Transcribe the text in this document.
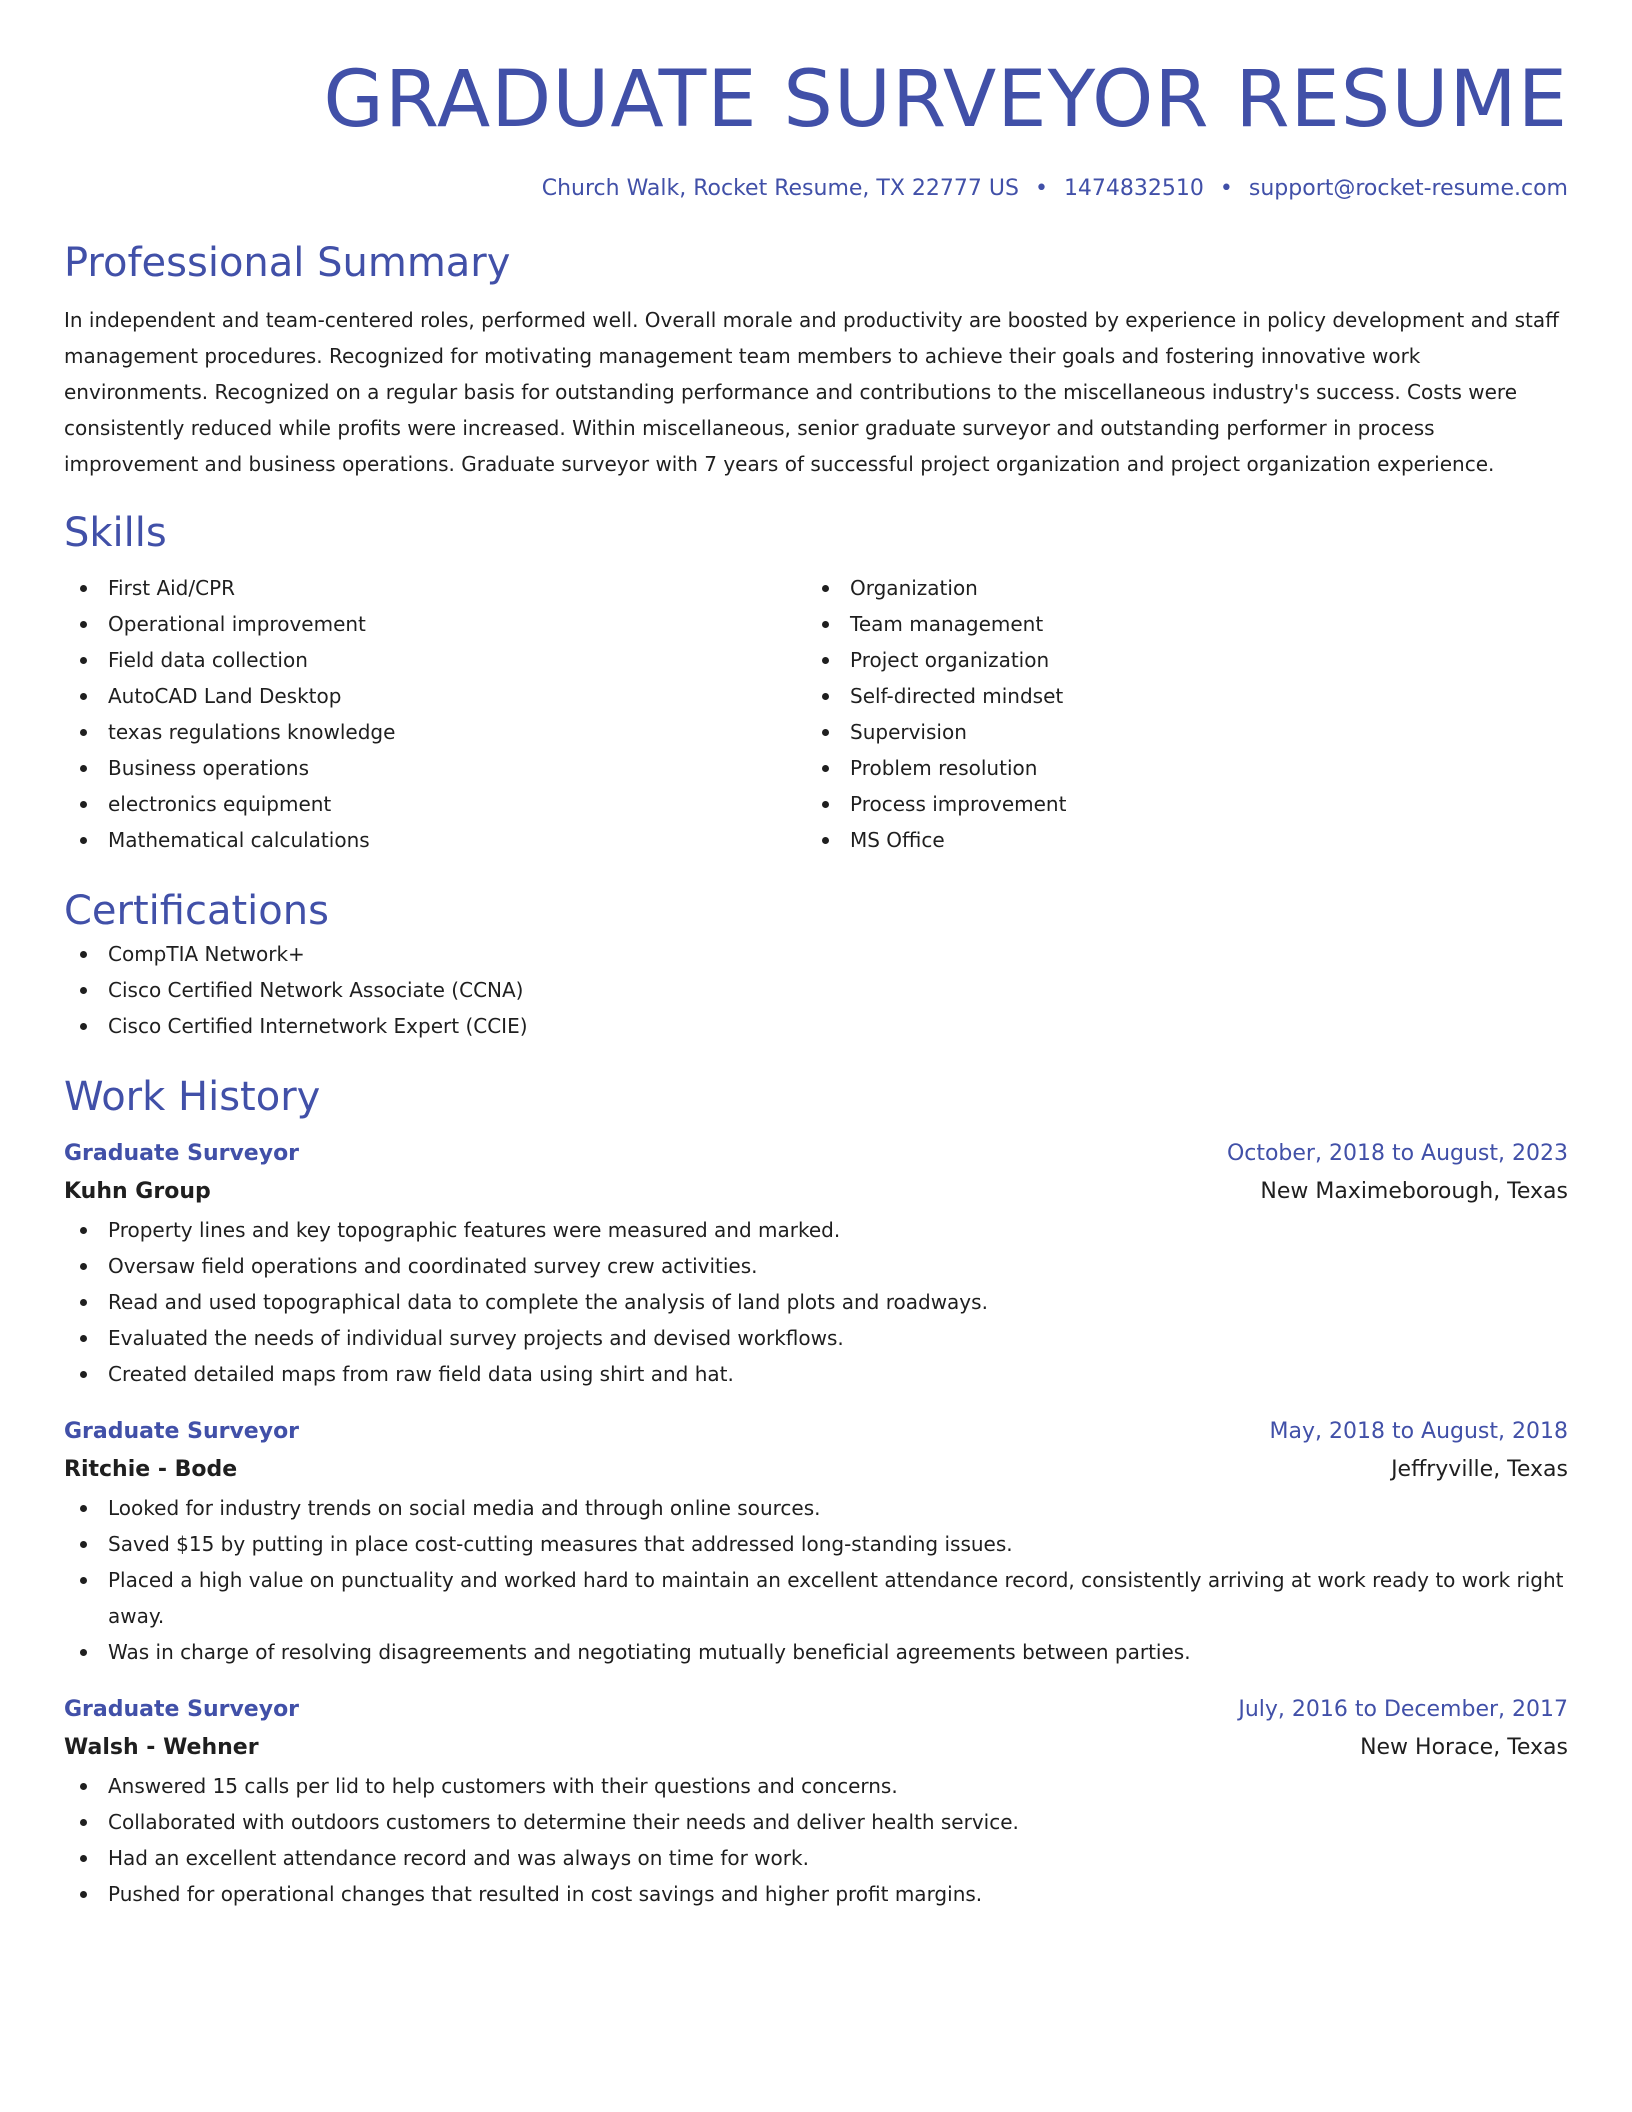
GRADUATE SURVEYOR RESUME
Church Walk, Rocket Resume, TX 22777 US • 1474832510 • support@rocket-resume.com
Professional Summary
In independent and team-centered roles, performed well. Overall morale and productivity are boosted by experience in policy development and staff management procedures. Recognized for motivating management team members to achieve their goals and fostering innovative work environments. Recognized on a regular basis for outstanding performance and contributions to the miscellaneous industry's success. Costs were consistently reduced while profits were increased. Within miscellaneous, senior graduate surveyor and outstanding performer in process improvement and business operations. Graduate surveyor with 7 years of successful project organization and project organization experience.
Skills
First Aid/CPR
Operational improvement
Field data collection
AutoCAD Land Desktop
texas regulations knowledge
Business operations
electronics equipment
Mathematical calculations
Organization
Team management
Project organization
Self-directed mindset
Supervision
Problem resolution
Process improvement
MS Office
Certifications
CompTIA Network+
Cisco Certified Network Associate (CCNA)
Cisco Certified Internetwork Expert (CCIE)
Work History
Graduate Surveyor	October, 2018 to August, 2023
Kuhn Group	New Maximeborough, Texas
Property lines and key topographic features were measured and marked.
Oversaw field operations and coordinated survey crew activities.
Read and used topographical data to complete the analysis of land plots and roadways.
Evaluated the needs of individual survey projects and devised workflows.
Created detailed maps from raw field data using shirt and hat.
Graduate Surveyor	May, 2018 to August, 2018
Ritchie - Bode	Jeffryville, Texas
Looked for industry trends on social media and through online sources.
Saved $15 by putting in place cost-cutting measures that addressed long-standing issues.
Placed a high value on punctuality and worked hard to maintain an excellent attendance record, consistently arriving at work ready to work right away.
Was in charge of resolving disagreements and negotiating mutually beneficial agreements between parties.
Graduate Surveyor	July, 2016 to December, 2017
Walsh - Wehner	New Horace, Texas
Answered 15 calls per lid to help customers with their questions and concerns.
Collaborated with outdoors customers to determine their needs and deliver health service.
Had an excellent attendance record and was always on time for work.
Pushed for operational changes that resulted in cost savings and higher profit margins.
